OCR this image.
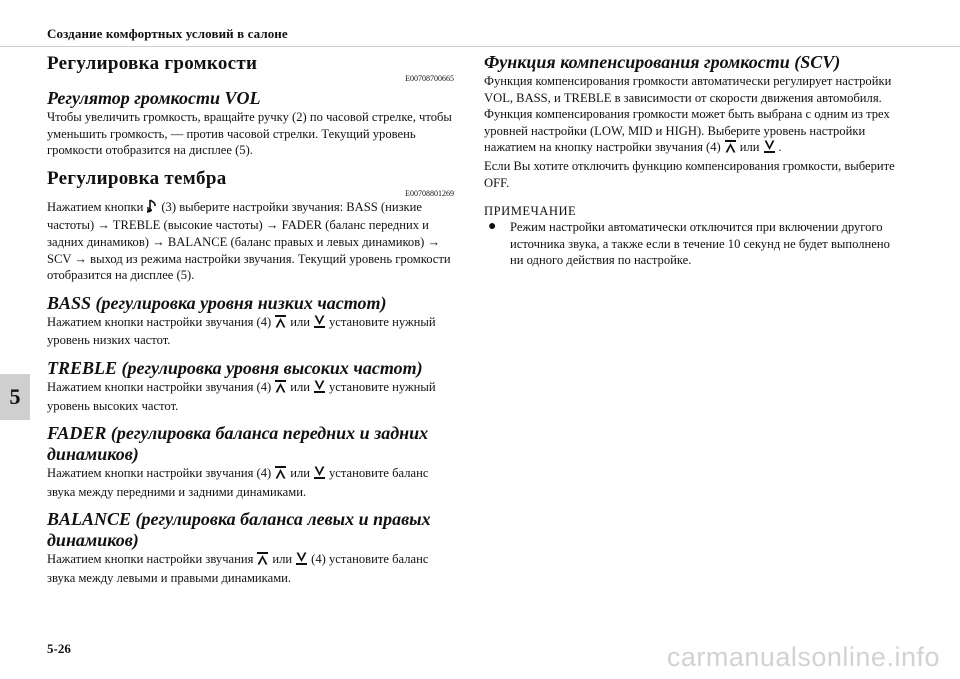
Создание комфортных условий в салоне
5
Регулировка громкости
E00708700665
Регулятор громкости VOL

Чтобы увеличить громкость, вращайте ручку (2) по часовой стрелке, чтобы уменьшить громкость, — против часовой стрелки. Текущий уровень громкости отобразится на дисплее (5).

Регулировка тембра
E00708801269

Нажатием кнопки (3) выберите настройки звучания: BASS (низкие частоты) → TREBLE (высокие частоты) → FADER (баланс передних и задних динамиков) → BALANCE (баланс правых и левых динамиков) → SCV → выход из режима настройки звучания. Текущий уровень громкости отобразится на дисплее (5).

BASS (регулировка уровня низких частот)

Нажатием кнопки настройки звучания (4) или установите нужный уровень низких частот.

TREBLE (регулировка уровня высоких частот)

Нажатием кнопки настройки звучания (4) или установите нужный уровень высоких частот.

FADER (регулировка баланса передних и задних динамиков)

Нажатием кнопки настройки звучания (4) или установите баланс звука между передними и задними динамиками.

BALANCE (регулировка баланса левых и правых динамиков)

Нажатием кнопки настройки звучания или (4) установите баланс звука между левыми и правыми динамиками.

Функция компенсирования громкости (SCV)

Функция компенсирования громкости автоматически регулирует настройки VOL, BASS, и TREBLE в зависимости от скорости движения автомобиля.

Функция компенсирования громкости может быть выбрана с одним из трех уровней настройки (LOW, MID и HIGH). Выберите уровень настройки нажатием на кнопку настройки звучания (4) или .

Если Вы хотите отключить функцию компенсирования громкости, выберите OFF.

ПРИМЕЧАНИЕ
●	Режим настройки автоматически отключится при включении другого источника звука, а также если в течение 10 секунд не будет выполнено ни одного действия по настройке.

5-26	carmanualsonline.info
